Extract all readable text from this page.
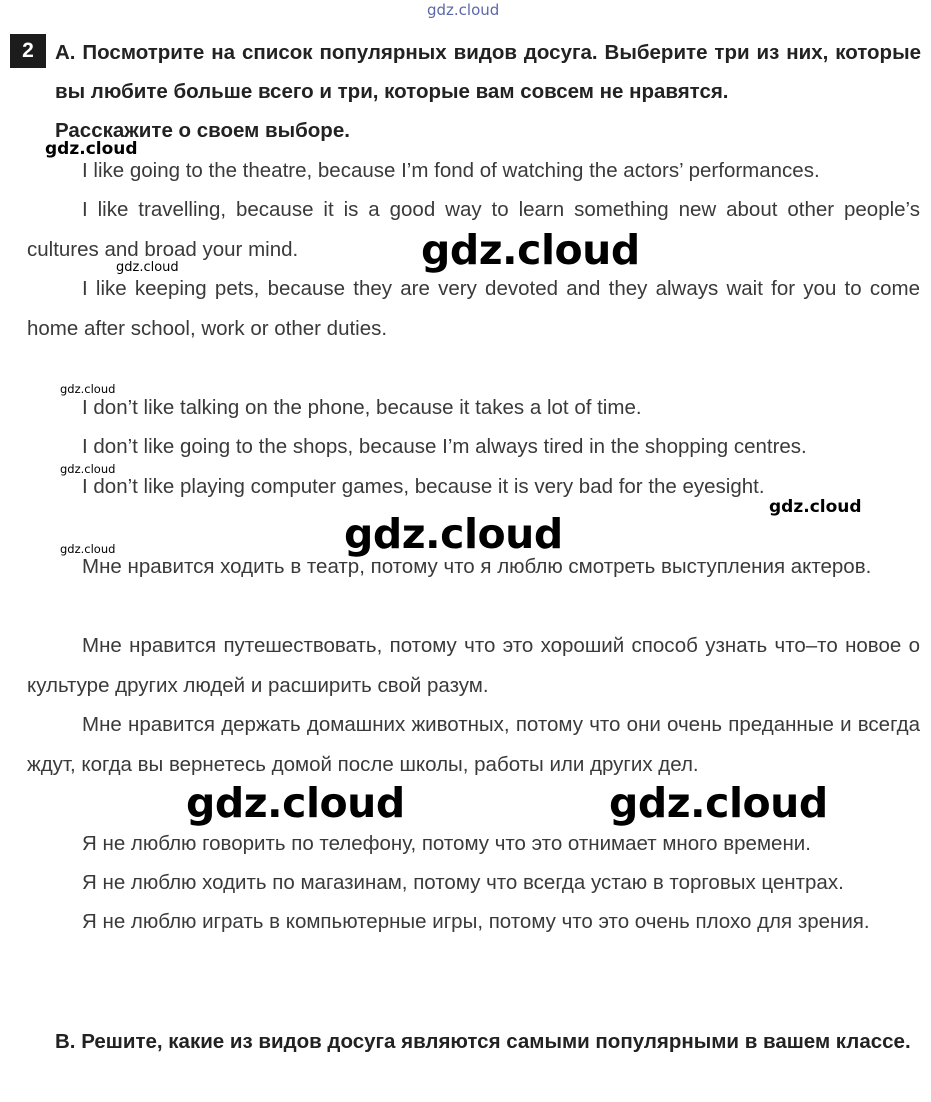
gdz.cloud
2	A. Посмотрите на список популярных видов досуга. Выберите три из них, которые вы любите больше всего и три, которые вам совсем не нравятся.

Расскажите о своем выборе.

gdz.cloud

I like going to the theatre, because I’m fond of watching the actors’ performances.

I like travelling, because it is a good way to learn something new about other people’s cultures and broad your mind.	gdz.cloud
gdz.cloud

I like keeping pets, because they are very devoted and they always wait for you to come home after school, work or other duties.

gdz.cloud

I don’t like talking on the phone, because it takes a lot of time.

I don’t like going to the shops, because I’m always tired in the shopping centres.

gdz.cloud

I don’t like playing computer games, because it is very bad for the eyesight.

gdz.cloud
gdz.cloud
gdz.cloud

Мне нравится ходить в театр, потому что я люблю смотреть выступления актеров.

Мне нравится путешествовать, потому что это хороший способ узнать что–то новое о культуре других людей и расширить свой разум.

Мне нравится держать домашних животных, потому что они очень преданные и всегда ждут, когда вы вернетесь домой после школы, работы или других дел.

gdz.cloud	gdz.cloud

Я не люблю говорить по телефону, потому что это отнимает много времени.

Я не люблю ходить по магазинам, потому что всегда устаю в торговых центрах.

Я не люблю играть в компьютерные игры, потому что это очень плохо для зрения.

B. Решите, какие из видов досуга являются самыми популярными в вашем классе.
